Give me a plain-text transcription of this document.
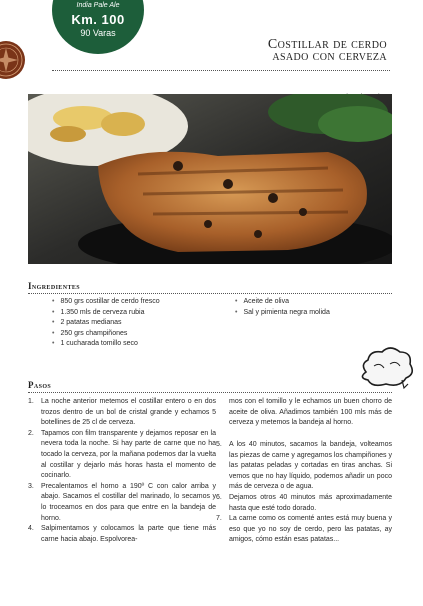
India Pale Ale
Km. 100
90 Varas
Costillar de cerdo
asado con cerveza
Ingredientes
• 850 grs costillar de cerdo fresco
• 1.350 mls de cerveza rubia
• 2 patatas medianas
• 250 grs champiñones
• 1 cucharada tomillo seco
• Aceite de oliva
• Sal y pimienta negra molida
Pasos
1. La noche anterior metemos el costillar entero o en dos trozos dentro de un bol de cristal grande y echamos 5 botellines de 25 cl de cerveza.
2. Tapamos con film transparente y dejamos reposar en la nevera toda la noche. Si hay parte de carne que no ha tocado la cerveza, por la mañana podemos dar la vuelta al costillar y dejarlo más horas hasta el momento de cocinarlo.
3. Precalentamos el horno a 190º C con calor arriba y abajo. Sacamos el costillar del marinado, lo secamos y lo troceamos en dos para que entre en la bandeja de horno.
4. Salpimentamos y colocamos la parte que tiene más carne hacia abajo. Espolvorea-

mos con el tomillo y le echamos un buen chorro de aceite de oliva. Añadimos también 100 mls más de cerveza y metemos la bandeja al horno.

5. A los 40 minutos, sacamos la bandeja, volteamos las piezas de carne y agregamos los champiñones y las patatas peladas y cortadas en tiras anchas. Si vemos que no hay líquido, podemos añadir un poco más de cerveza o de agua.
6. Dejamos otros 40 minutos más aproximadamente hasta que esté todo dorado.
7. La carne como os comenté antes está muy buena y eso que yo no soy de cerdo, pero las patatas, ay amigos, cómo están esas patatas...
